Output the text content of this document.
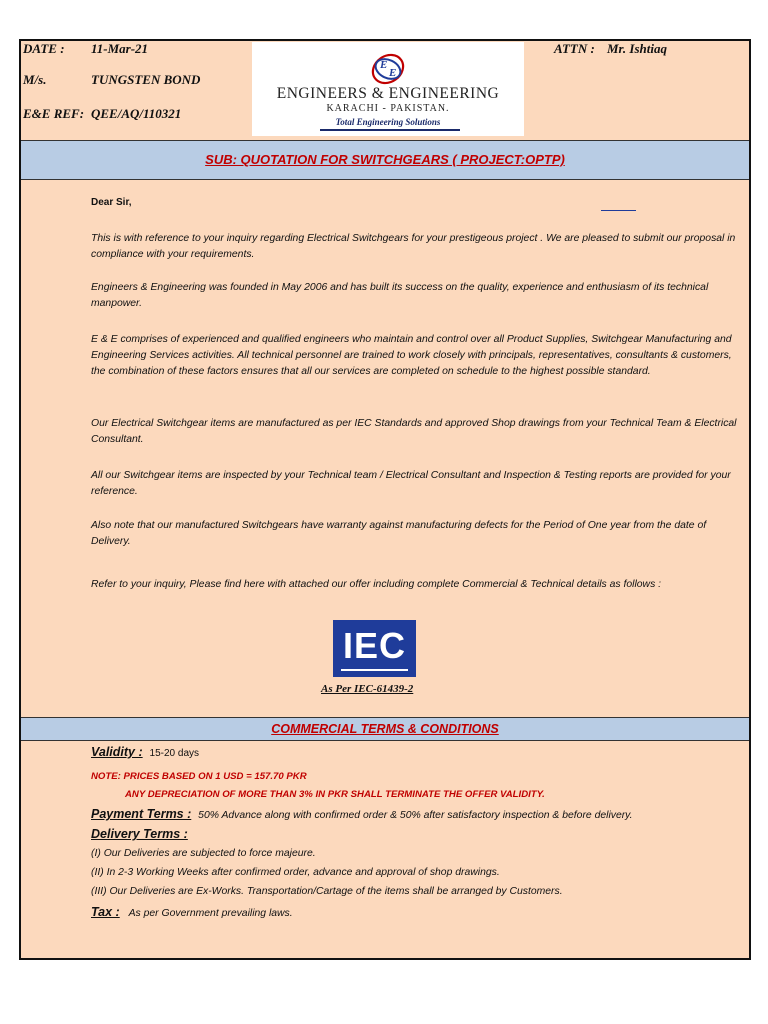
DATE : 11-Mar-21
M/s.	TUNGSTEN BOND
E&E REF: QEE/AQ/110321
ATTN : Mr. Ishtiaq
E
E
ENGINEERS & ENGINEERING
KARACHI - PAKISTAN.
Total Engineering Solutions
SUB: QUOTATION FOR SWITCHGEARS ( PROJECT:OPTP)
Dear Sir,
This is with reference to your inquiry regarding Electrical Switchgears for your prestigeous project . We are pleased to submit our proposal in compliance with your requirements.
Engineers & Engineering was founded in May 2006 and has built its success on the quality, experience and enthusiasm of its technical manpower.
E & E comprises of experienced and qualified engineers who maintain and control over all Product Supplies, Switchgear Manufacturing and Engineering Services activities. All technical personnel are trained to work closely with principals, representatives, consultants & customers, the combination of these factors ensures that all our services are completed on schedule to the highest possible standard.
Our Electrical Switchgear items are manufactured as per IEC Standards and approved Shop drawings from your Technical Team & Electrical Consultant.
All our Switchgear items are inspected by your Technical team / Electrical Consultant and Inspection & Testing reports are provided for your reference.
Also note that our manufactured Switchgears have warranty against manufacturing defects for the Period of One year from the date of Delivery.
Refer to your inquiry, Please find here with attached our offer including complete Commercial & Technical details as follows :
IEC
As Per IEC-61439-2
COMMERCIAL TERMS & CONDITIONS
Validity : 15-20 days
NOTE: PRICES BASED ON 1 USD = 157.70 PKR
ANY DEPRECIATION OF MORE THAN 3% IN PKR SHALL TERMINATE THE OFFER VALIDITY.
Payment Terms : 50% Advance along with confirmed order & 50% after satisfactory inspection & before delivery.
Delivery Terms :
(I) Our Deliveries are subjected to force majeure.
(II) In 2-3 Working Weeks after confirmed order, advance and approval of shop drawings.
(III) Our Deliveries are Ex-Works. Transportation/Cartage of the items shall be arranged by Customers.
Tax : As per Government prevailing laws.
